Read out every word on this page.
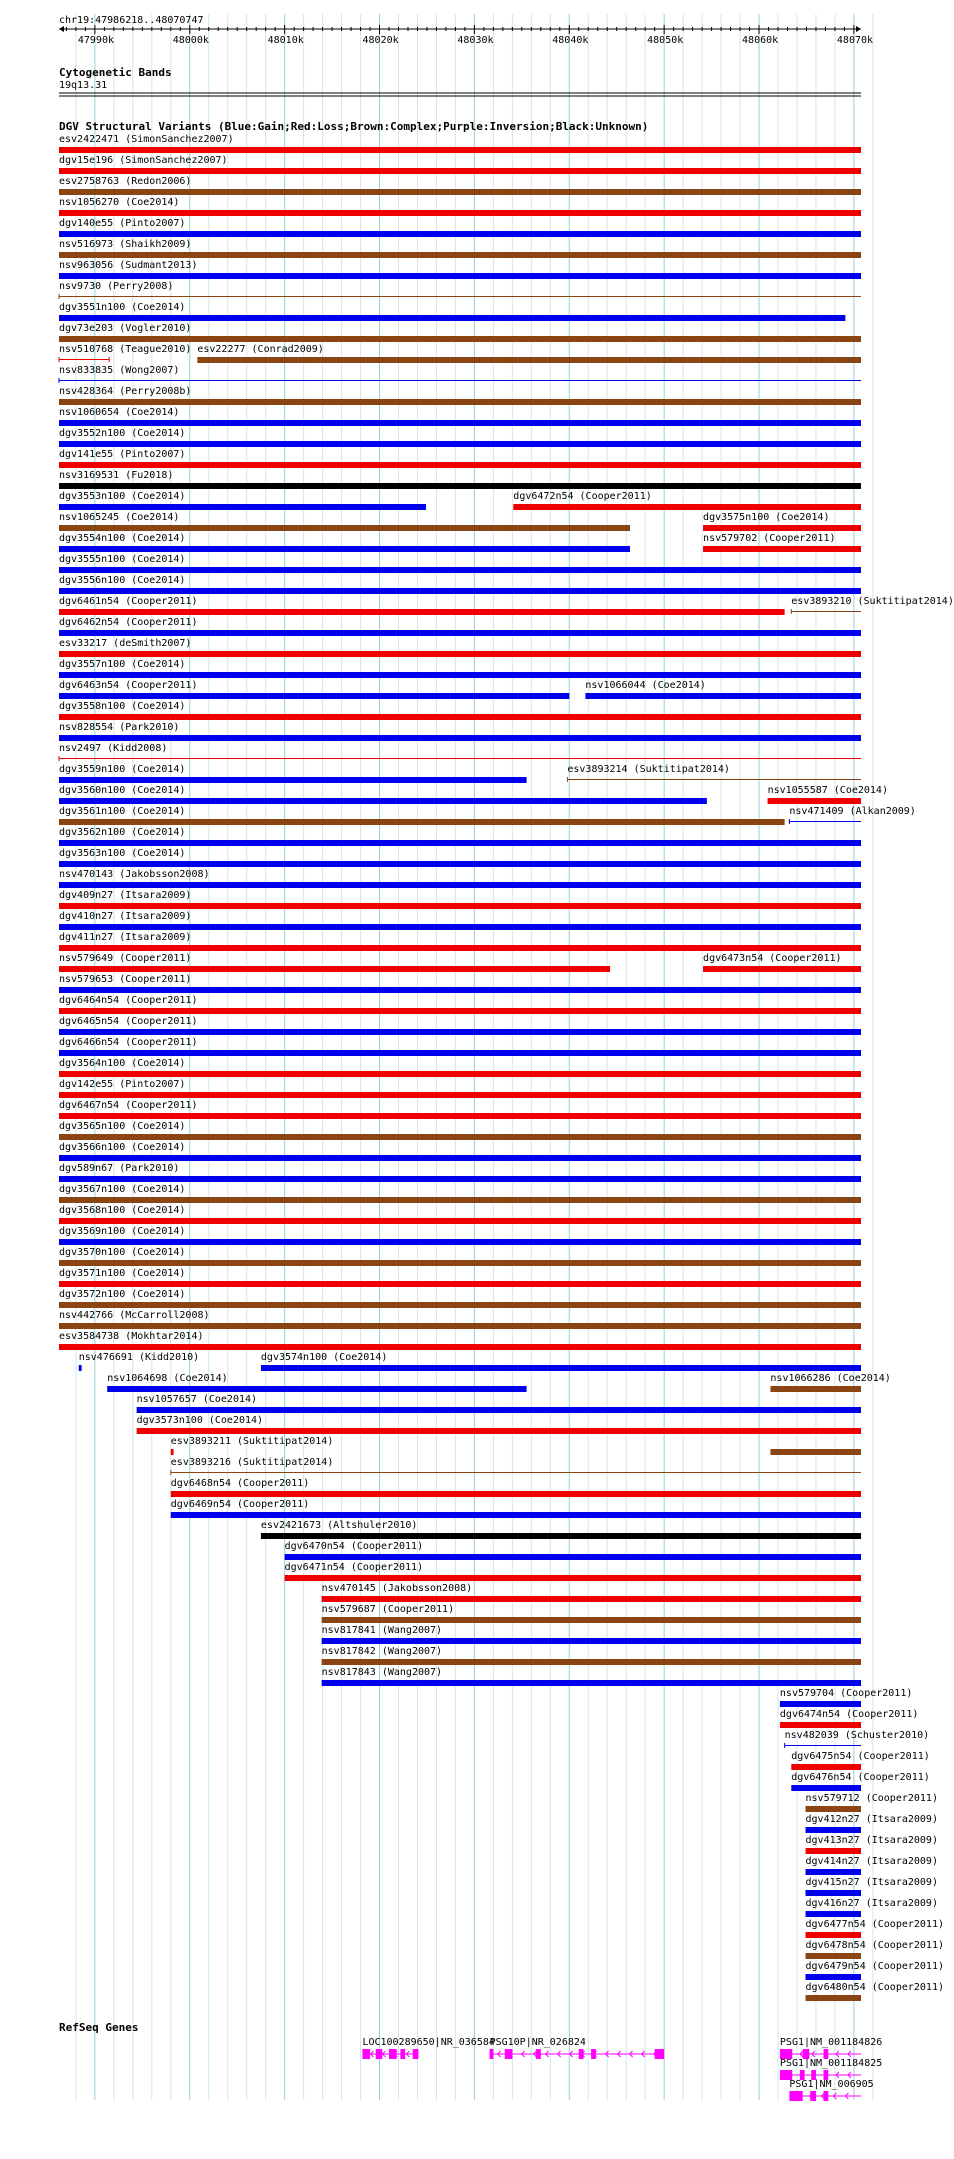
chr19:47986218..48070747
Cytogenetic Bands
19q13.31
DGV Structural Variants (Blue:Gain;Red:Loss;Brown:Complex;Purple:Inversion;Black:Unknown)
RefSeq Genes
47990k	48000k	48010k	48020k	48030k	48040k	48050k	48060k	48070k
esv2422471 (SimonSanchez2007)
dgv15e196 (SimonSanchez2007)
esv2758763 (Redon2006)
nsv1056270 (Coe2014)
dgv140e55 (Pinto2007)
nsv516973 (Shaikh2009)
nsv963056 (Sudmant2013)
nsv9730 (Perry2008)
dgv3551n100 (Coe2014)
dgv73e203 (Vogler2010)
nsv510768 (Teague2010) esv22277 (Conrad2009)
nsv833835 (Wong2007)
nsv428364 (Perry2008b)
nsv1060654 (Coe2014)
dgv3552n100 (Coe2014)
dgv141e55 (Pinto2007)
nsv3169531 (Fu2018)
dgv3553n100 (Coe2014)	dgv6472n54 (Cooper2011)
nsv1065245 (Coe2014)	dgv3575n100 (Coe2014)
dgv3554n100 (Coe2014)	nsv579702 (Cooper2011)
dgv3555n100 (Coe2014)
dgv3556n100 (Coe2014)
dgv6461n54 (Cooper2011)	esv3893210 (Suktitipat2014)
dgv6462n54 (Cooper2011)
esv33217 (deSmith2007)
dgv3557n100 (Coe2014)
dgv6463n54 (Cooper2011)	nsv1066044 (Coe2014)
dgv3558n100 (Coe2014)
nsv828554 (Park2010)
nsv2497 (Kidd2008)
dgv3559n100 (Coe2014)	esv3893214 (Suktitipat2014)
dgv3560n100 (Coe2014)	nsv1055587 (Coe2014)
dgv3561n100 (Coe2014)	nsv471409 (Alkan2009)
dgv3562n100 (Coe2014)
dgv3563n100 (Coe2014)
nsv470143 (Jakobsson2008)
dgv409n27 (Itsara2009)
dgv410n27 (Itsara2009)
dgv411n27 (Itsara2009)
nsv579649 (Cooper2011)	dgv6473n54 (Cooper2011)
nsv579653 (Cooper2011)
dgv6464n54 (Cooper2011)
dgv6465n54 (Cooper2011)
dgv6466n54 (Cooper2011)
dgv3564n100 (Coe2014)
dgv142e55 (Pinto2007)
dgv6467n54 (Cooper2011)
dgv3565n100 (Coe2014)
dgv3566n100 (Coe2014)
dgv589n67 (Park2010)
dgv3567n100 (Coe2014)
dgv3568n100 (Coe2014)
dgv3569n100 (Coe2014)
dgv3570n100 (Coe2014)
dgv3571n100 (Coe2014)
dgv3572n100 (Coe2014)
nsv442766 (McCarroll2008)
esv3584738 (Mokhtar2014)
nsv476691 (Kidd2010)	dgv3574n100 (Coe2014)
nsv1064698 (Coe2014)	nsv1066286 (Coe2014)
nsv1057657 (Coe2014)
dgv3573n100 (Coe2014)
esv3893211 (Suktitipat2014)
esv3893216 (Suktitipat2014)
dgv6468n54 (Cooper2011)
dgv6469n54 (Cooper2011)
esv2421673 (Altshuler2010)
dgv6470n54 (Cooper2011)
dgv6471n54 (Cooper2011)
nsv470145 (Jakobsson2008)
nsv579687 (Cooper2011)
nsv817841 (Wang2007)
nsv817842 (Wang2007)
nsv817843 (Wang2007)
nsv579704 (Cooper2011)
dgv6474n54 (Cooper2011)
nsv482039 (Schuster2010)
dgv6475n54 (Cooper2011)
dgv6476n54 (Cooper2011)
nsv579712 (Cooper2011)
dgv412n27 (Itsara2009)
dgv413n27 (Itsara2009)
dgv414n27 (Itsara2009)
dgv415n27 (Itsara2009)
dgv416n27 (Itsara2009)
dgv6477n54 (Cooper2011)
dgv6478n54 (Cooper2011)
dgv6479n54 (Cooper2011)
dgv6480n54 (Cooper2011)
LOC100289650|NR_036584
PSG10P|NR_026824	PSG1|NM_001184826
PSG1|NM_001184825
PSG1|NM_006905
